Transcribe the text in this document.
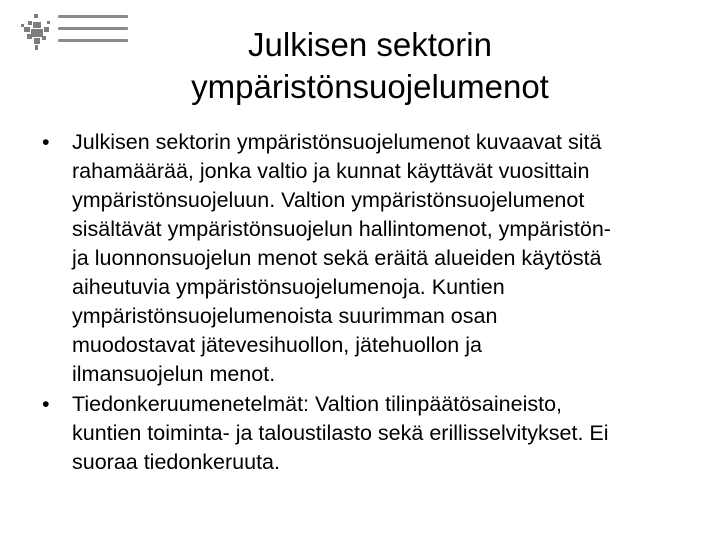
Julkisen sektorin
ympäristönsuojelumenot
• Julkisen sektorin ympäristönsuojelumenot kuvaavat sitä
rahamäärää, jonka valtio ja kunnat käyttävät vuosittain
ympäristönsuojeluun. Valtion ympäristönsuojelumenot
sisältävät ympäristönsuojelun hallintomenot, ympäristön-
ja luonnonsuojelun menot sekä eräitä alueiden käytöstä
aiheutuvia ympäristönsuojelumenoja. Kuntien
ympäristönsuojelumenoista suurimman osan
muodostavat jätevesihuollon, jätehuollon ja
ilmansuojelun menot.
• Tiedonkeruumenetelmät: Valtion tilinpäätösaineisto,
kuntien toiminta- ja taloustilasto sekä erillisselvitykset. Ei
suoraa tiedonkeruuta.
